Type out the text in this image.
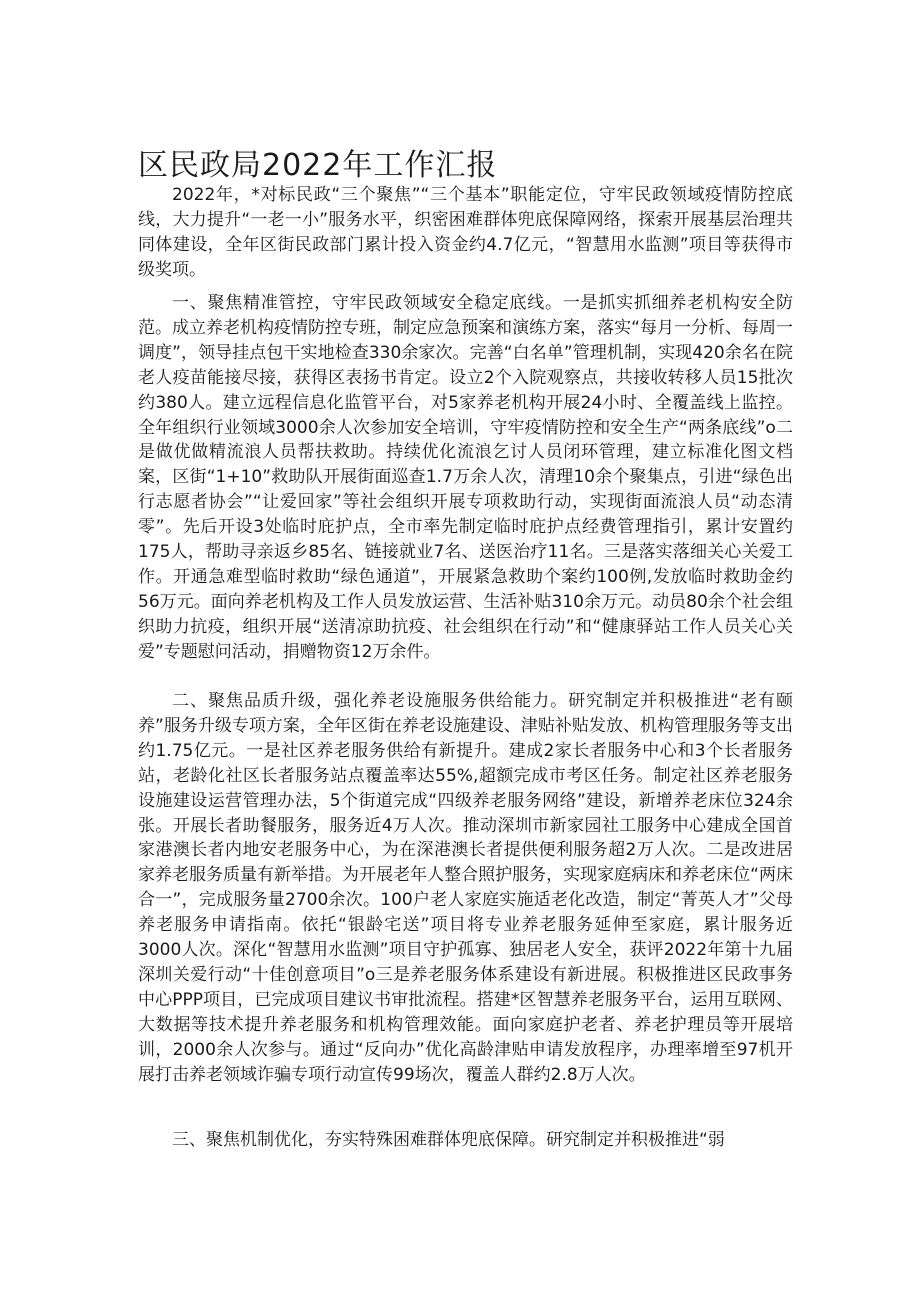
区民政局2022年工作汇报

2022年，*对标民政“三个聚焦”“三个基本”职能定位，守牢民政领域疫情防控底线，大力提升“一老一小”服务水平，织密困难群体兜底保障网络，探索开展基层治理共同体建设，全年区街民政部门累计投入资金约4.7亿元，“智慧用水监测”项目等获得市级奖项。

一、聚焦精准管控，守牢民政领域安全稳定底线。一是抓实抓细养老机构安全防范。成立养老机构疫情防控专班，制定应急预案和演练方案，落实“每月一分析、每周一调度”，领导挂点包干实地检查330余家次。完善“白名单”管理机制，实现420余名在院老人疫苗能接尽接，获得区表扬书肯定。设立2个入院观察点，共接收转移人员15批次约380人。建立远程信息化监管平台，对5家养老机构开展24小时、全覆盖线上监控。全年组织行业领域3000余人次参加安全培训，守牢疫情防控和安全生产“两条底线”o二是做优做精流浪人员帮扶救助。持续优化流浪乞讨人员闭环管理，建立标准化图文档案，区街“1+10”救助队开展街面巡查1.7万余人次，清理10余个聚集点，引进“绿色出行志愿者协会”“让爱回家”等社会组织开展专项救助行动，实现街面流浪人员“动态清零”。先后开设3处临时庇护点，全市率先制定临时庇护点经费管理指引，累计安置约175人，帮助寻亲返乡85名、链接就业7名、送医治疗11名。三是落实落细关心关爱工作。开通急难型临时救助“绿色通道”，开展紧急救助个案约100例,发放临时救助金约56万元。面向养老机构及工作人员发放运营、生活补贴310余万元。动员80余个社会组织助力抗疫，组织开展“送清凉助抗疫、社会组织在行动”和“健康驿站工作人员关心关爱”专题慰问活动，捐赠物资12万余件。

二、聚焦品质升级，强化养老设施服务供给能力。研究制定并积极推进“老有颐养”服务升级专项方案，全年区街在养老设施建设、津贴补贴发放、机构管理服务等支出约1.75亿元。一是社区养老服务供给有新提升。建成2家长者服务中心和3个长者服务站，老龄化社区长者服务站点覆盖率达55%,超额完成市考区任务。制定社区养老服务设施建设运营管理办法，5个街道完成“四级养老服务网络”建设，新增养老床位324余张。开展长者助餐服务，服务近4万人次。推动深圳市新家园社工服务中心建成全国首家港澳长者内地安老服务中心，为在深港澳长者提供便利服务超2万人次。二是改进居家养老服务质量有新举措。为开展老年人整合照护服务，实现家庭病床和养老床位“两床合一”，完成服务量2700余次。100户老人家庭实施适老化改造，制定“菁英人才”父母养老服务申请指南。依托“银龄宅送”项目将专业养老服务延伸至家庭，累计服务近3000人次。深化“智慧用水监测”项目守护孤寡、独居老人安全，获评2022年第十九届深圳关爱行动“十佳创意项目”o三是养老服务体系建设有新进展。积极推进区民政事务中心PPP项目，已完成项目建议书审批流程。搭建*区智慧养老服务平台，运用互联网、大数据等技术提升养老服务和机构管理效能。面向家庭护老者、养老护理员等开展培训，2000余人次参与。通过“反向办”优化高龄津贴申请发放程序，办理率增至97机开展打击养老领域诈骗专项行动宣传99场次，覆盖人群约2.8万人次。

三、聚焦机制优化，夯实特殊困难群体兜底保障。研究制定并积极推进“弱
